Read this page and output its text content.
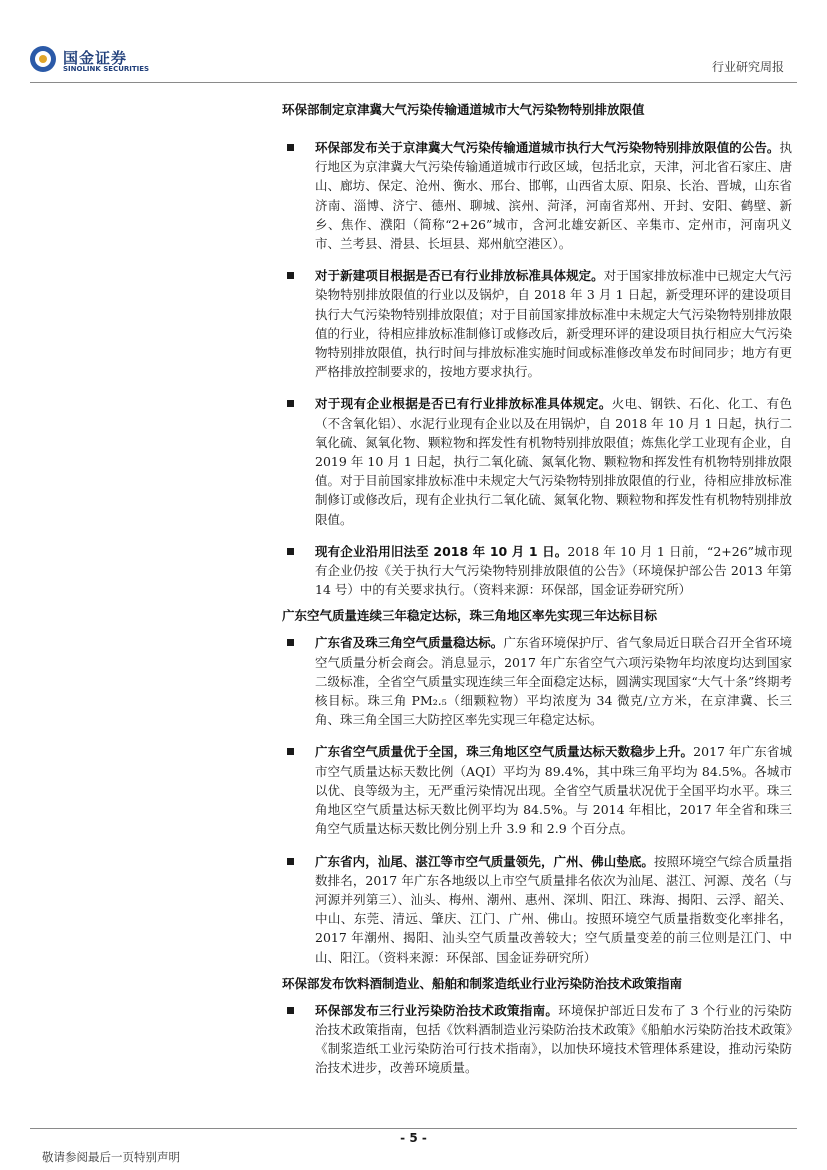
国金证券
SINOLINK SECURITIES	行业研究周报
环保部制定京津冀大气污染传输通道城市大气污染物特别排放限值

环保部发布关于京津冀大气污染传输通道城市执行大气污染物特别排放限值的公告。执行地区为京津冀大气污染传输通道城市行政区域，包括北京，天津，河北省石家庄、唐山、廊坊、保定、沧州、衡水、邢台、邯郸，山西省太原、阳泉、长治、晋城，山东省济南、淄博、济宁、德州、聊城、滨州、菏泽，河南省郑州、开封、安阳、鹤壁、新乡、焦作、濮阳（简称“2+26”城市，含河北雄安新区、辛集市、定州市，河南巩义市、兰考县、滑县、长垣县、郑州航空港区）。

对于新建项目根据是否已有行业排放标准具体规定。对于国家排放标准中已规定大气污染物特别排放限值的行业以及锅炉，自 2018 年 3 月 1 日起，新受理环评的建设项目执行大气污染物特别排放限值；对于目前国家排放标准中未规定大气污染物特别排放限值的行业，待相应排放标准制修订或修改后，新受理环评的建设项目执行相应大气污染物特别排放限值，执行时间与排放标准实施时间或标准修改单发布时间同步；地方有更严格排放控制要求的，按地方要求执行。

对于现有企业根据是否已有行业排放标准具体规定。火电、钢铁、石化、化工、有色（不含氧化铝）、水泥行业现有企业以及在用锅炉，自 2018 年 10 月 1 日起，执行二氧化硫、氮氧化物、颗粒物和挥发性有机物特别排放限值；炼焦化学工业现有企业，自 2019 年 10 月 1 日起，执行二氧化硫、氮氧化物、颗粒物和挥发性有机物特别排放限值。对于目前国家排放标准中未规定大气污染物特别排放限值的行业，待相应排放标准制修订或修改后，现有企业执行二氧化硫、氮氧化物、颗粒物和挥发性有机物特别排放限值。

现有企业沿用旧法至 2018 年 10 月 1 日。2018 年 10 月 1 日前，“2+26”城市现有企业仍按《关于执行大气污染物特别排放限值的公告》（环境保护部公告 2013 年第 14 号）中的有关要求执行。（资料来源：环保部，国金证券研究所）

广东空气质量连续三年稳定达标，珠三角地区率先实现三年达标目标

广东省及珠三角空气质量稳达标。广东省环境保护厅、省气象局近日联合召开全省环境空气质量分析会商会。消息显示，2017 年广东省空气六项污染物年均浓度均达到国家二级标准，全省空气质量实现连续三年全面稳定达标，圆满实现国家“大气十条”终期考核目标。珠三角 PM₂.₅（细颗粒物）平均浓度为 34 微克/立方米，在京津冀、长三角、珠三角全国三大防控区率先实现三年稳定达标。

广东省空气质量优于全国，珠三角地区空气质量达标天数稳步上升。2017 年广东省城市空气质量达标天数比例（AQI）平均为 89.4%，其中珠三角平均为 84.5%。各城市以优、良等级为主，无严重污染情况出现。全省空气质量状况优于全国平均水平。珠三角地区空气质量达标天数比例平均为 84.5%。与 2014 年相比，2017 年全省和珠三角空气质量达标天数比例分别上升 3.9 和 2.9 个百分点。

广东省内，汕尾、湛江等市空气质量领先，广州、佛山垫底。按照环境空气综合质量指数排名，2017 年广东各地级以上市空气质量排名依次为汕尾、湛江、河源、茂名（与河源并列第三）、汕头、梅州、潮州、惠州、深圳、阳江、珠海、揭阳、云浮、韶关、中山、东莞、清远、肇庆、江门、广州、佛山。按照环境空气质量指数变化率排名，2017 年潮州、揭阳、汕头空气质量改善较大；空气质量变差的前三位则是江门、中山、阳江。（资料来源：环保部、国金证券研究所）

环保部发布饮料酒制造业、船舶和制浆造纸业行业污染防治技术政策指南

环保部发布三行业污染防治技术政策指南。环境保护部近日发布了 3 个行业的污染防治技术政策指南，包括《饮料酒制造业污染防治技术政策》《船舶水污染防治技术政策》《制浆造纸工业污染防治可行技术指南》，以加快环境技术管理体系建设，推动污染防治技术进步，改善环境质量。

- 5 -
敬请参阅最后一页特别声明
